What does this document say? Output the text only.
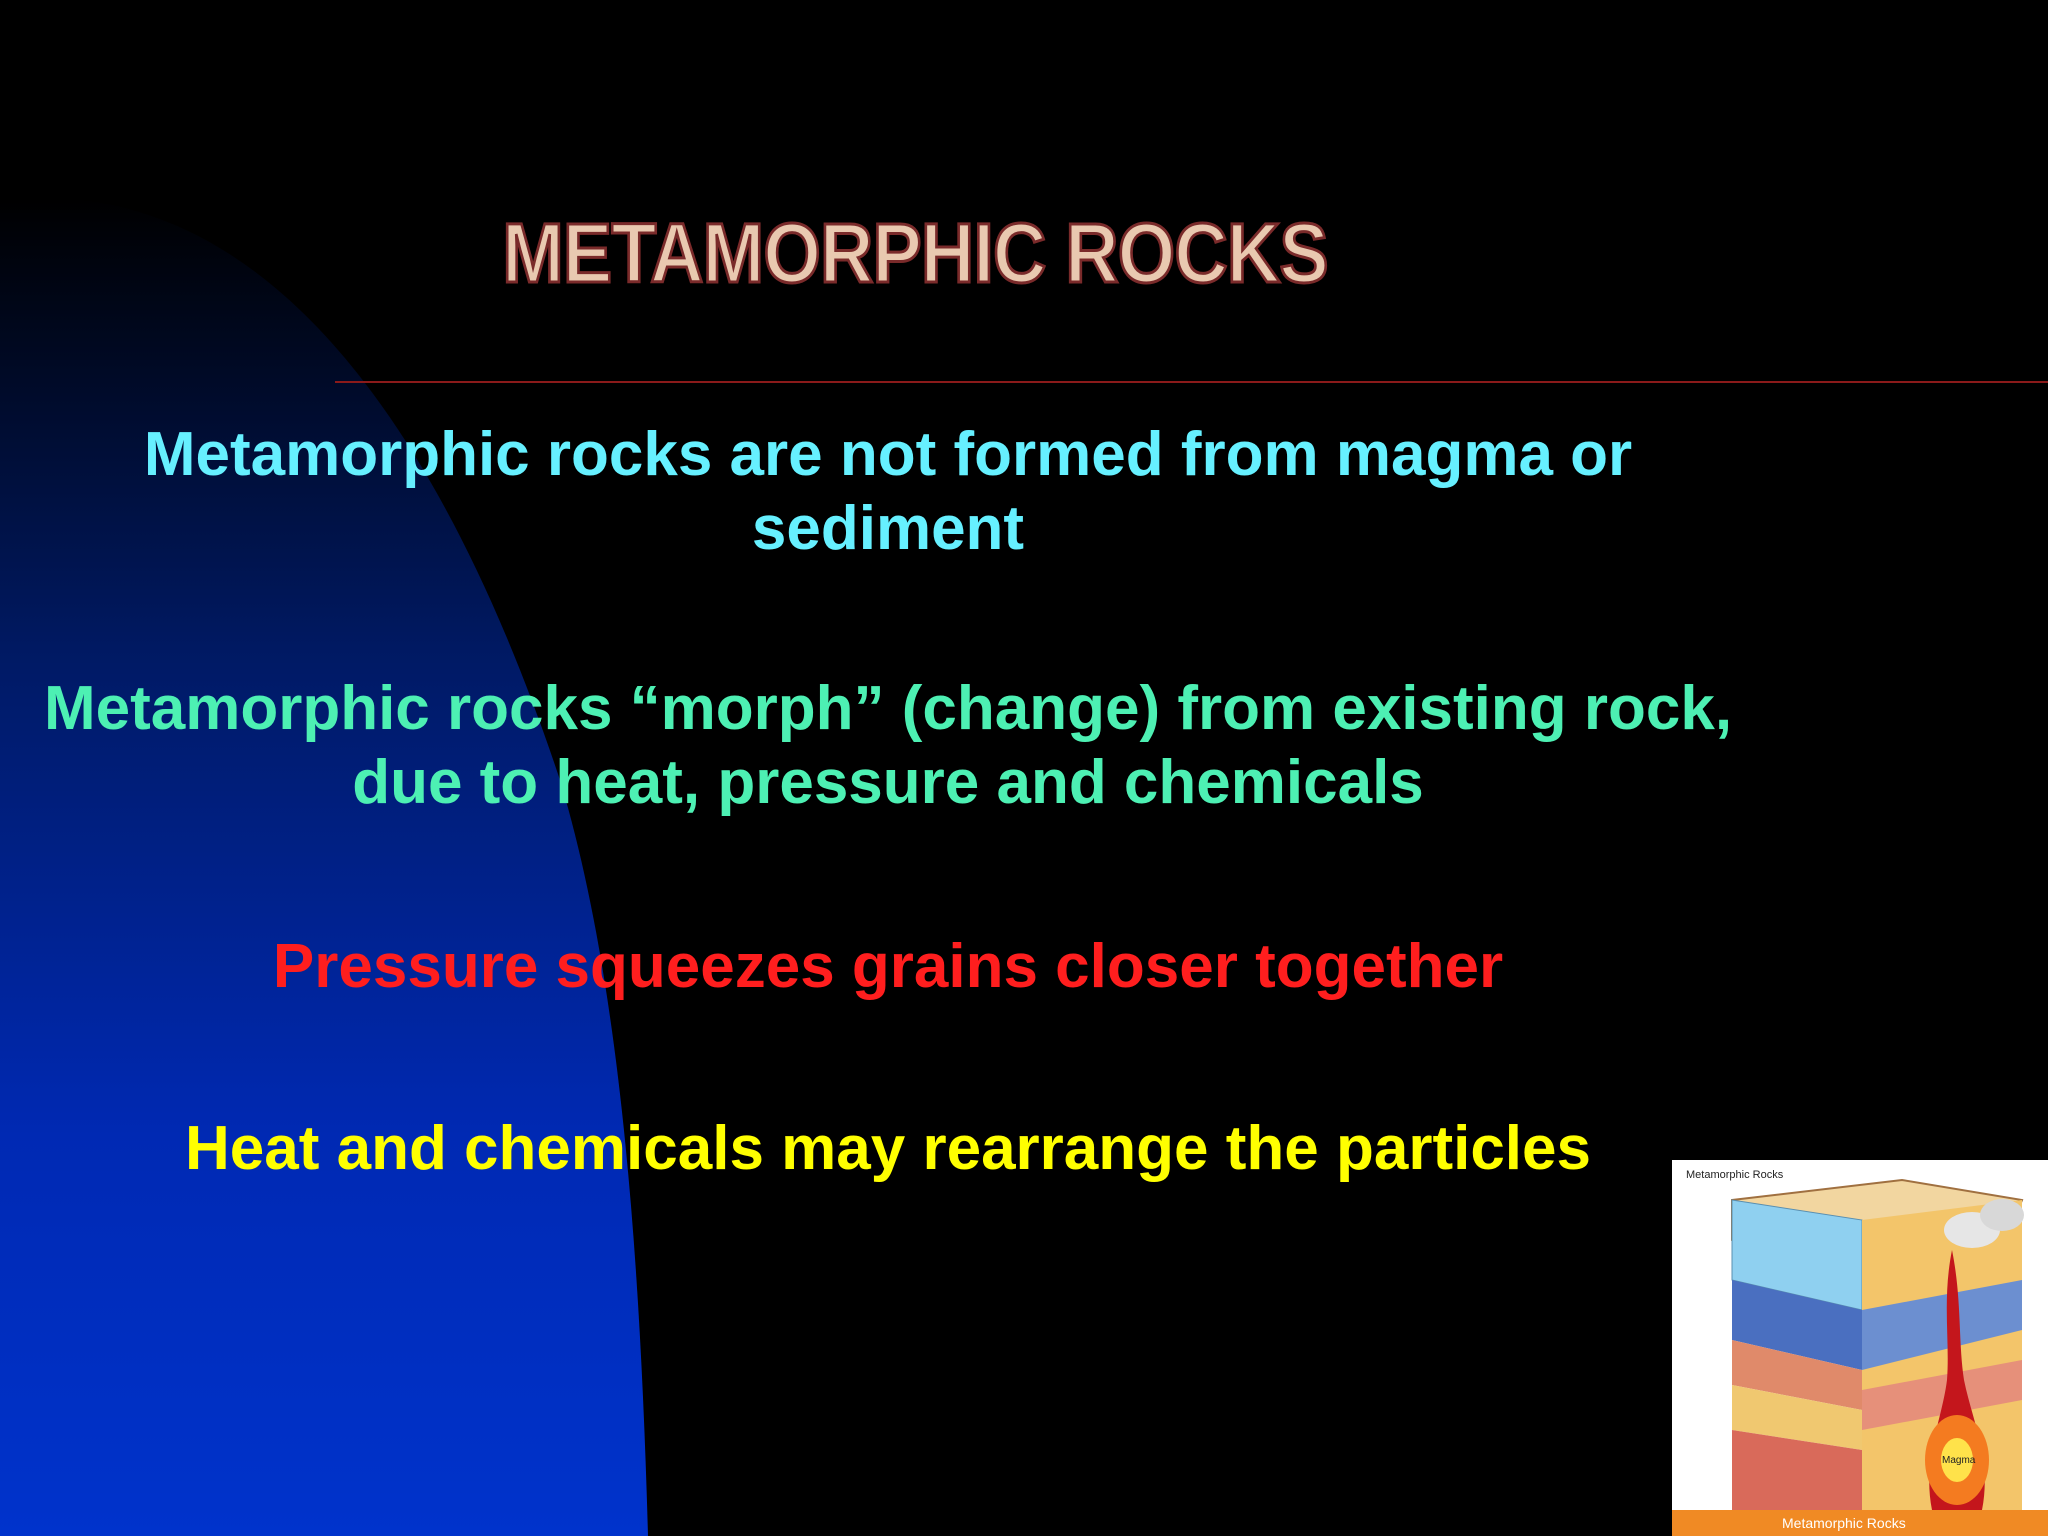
METAMORPHIC ROCKS
Metamorphic rocks are not formed from magma or sediment
Metamorphic rocks “morph” (change) from existing rock, due to heat, pressure and chemicals
Pressure squeezes grains closer together
Heat and chemicals may rearrange the particles	Metamorphic Rocks
Magma
Metamorphic Rocks
